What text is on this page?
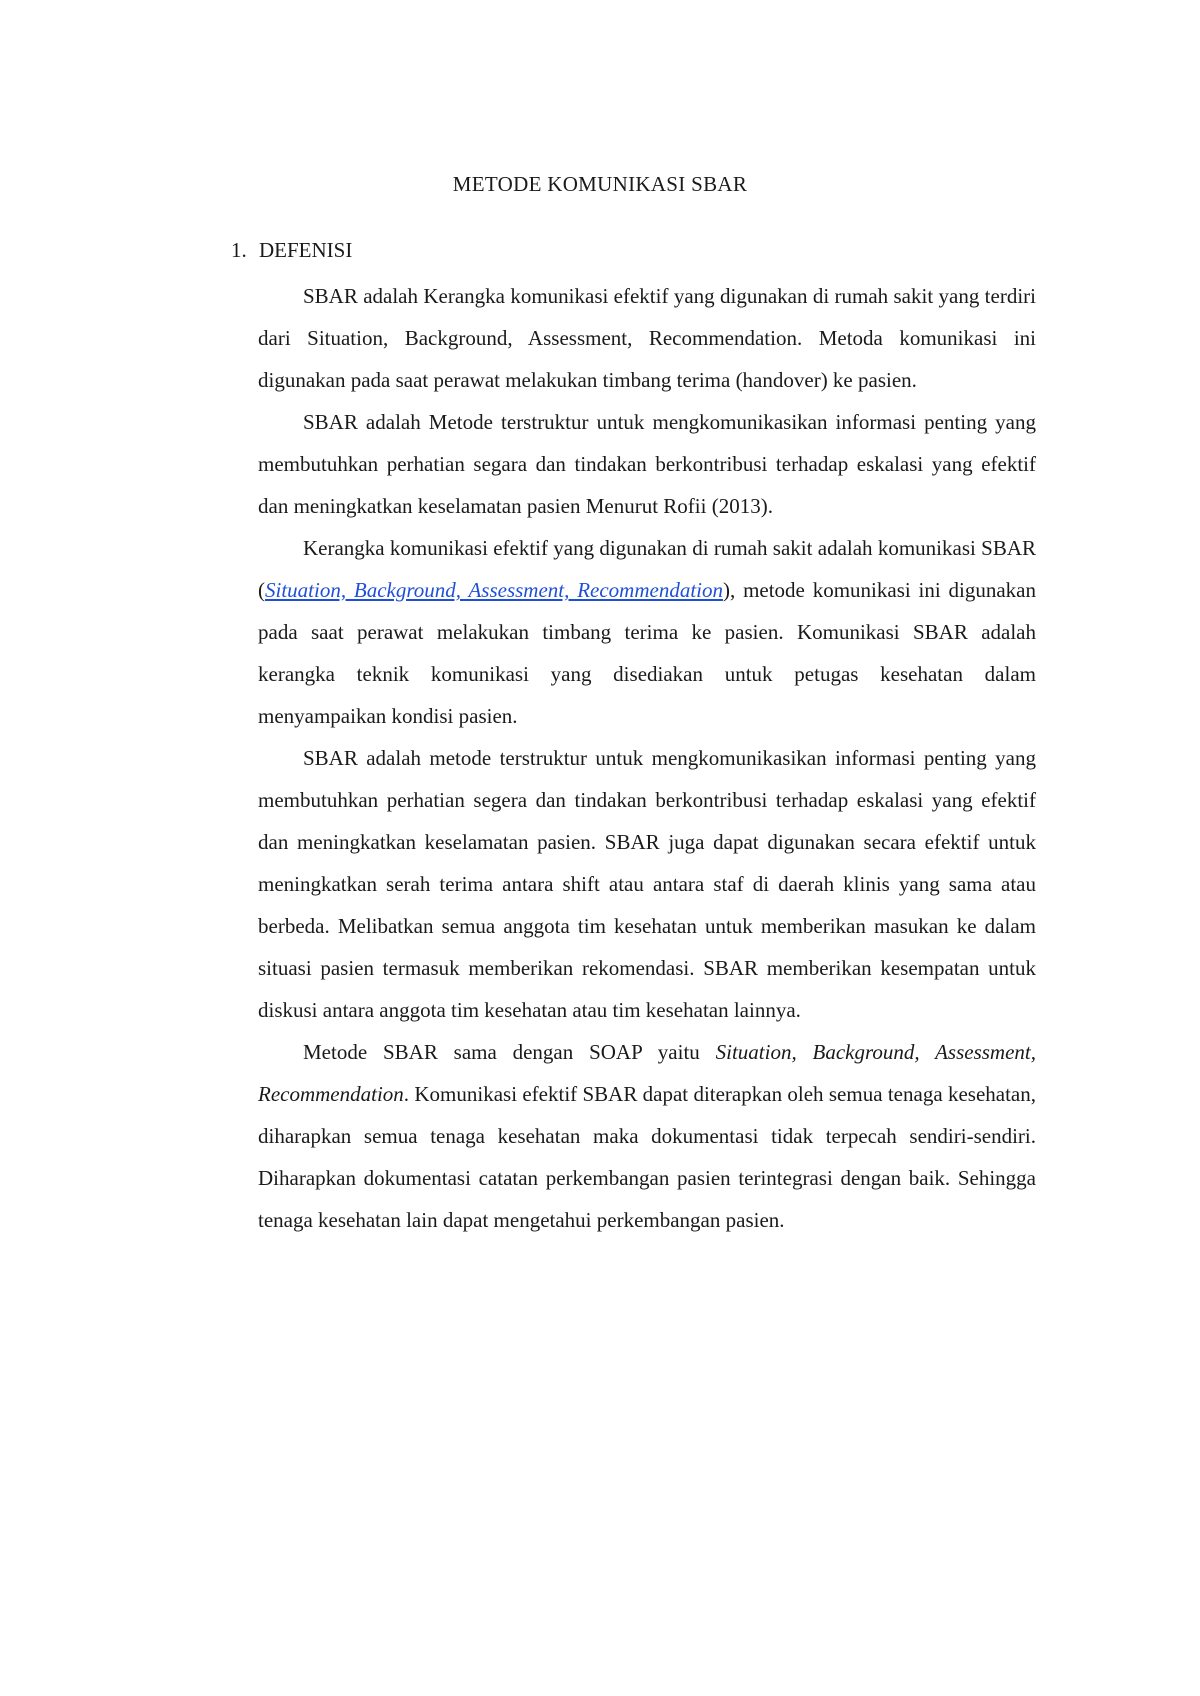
METODE KOMUNIKASI SBAR
1. DEFENISI

SBAR adalah Kerangka komunikasi efektif yang digunakan di rumah sakit yang terdiri dari Situation, Background, Assessment, Recommendation. Metoda komunikasi ini digunakan pada saat perawat melakukan timbang terima (handover) ke pasien.

SBAR adalah Metode terstruktur untuk mengkomunikasikan informasi penting yang membutuhkan perhatian segara dan tindakan berkontribusi terhadap eskalasi yang efektif dan meningkatkan keselamatan pasien Menurut Rofii (2013).

Kerangka komunikasi efektif yang digunakan di rumah sakit adalah komunikasi SBAR (Situation, Background, Assessment, Recommendation), metode komunikasi ini digunakan pada saat perawat melakukan timbang terima ke pasien. Komunikasi SBAR adalah kerangka teknik komunikasi yang disediakan untuk petugas kesehatan dalam menyampaikan kondisi pasien.

SBAR adalah metode terstruktur untuk mengkomunikasikan informasi penting yang membutuhkan perhatian segera dan tindakan berkontribusi terhadap eskalasi yang efektif dan meningkatkan keselamatan pasien. SBAR juga dapat digunakan secara efektif untuk meningkatkan serah terima antara shift atau antara staf di daerah klinis yang sama atau berbeda. Melibatkan semua anggota tim kesehatan untuk memberikan masukan ke dalam situasi pasien termasuk memberikan rekomendasi. SBAR memberikan kesempatan untuk diskusi antara anggota tim kesehatan atau tim kesehatan lainnya.

Metode SBAR sama dengan SOAP yaitu Situation, Background, Assessment, Recommendation. Komunikasi efektif SBAR dapat diterapkan oleh semua tenaga kesehatan, diharapkan semua tenaga kesehatan maka dokumentasi tidak terpecah sendiri-sendiri. Diharapkan dokumentasi catatan perkembangan pasien terintegrasi dengan baik. Sehingga tenaga kesehatan lain dapat mengetahui perkembangan pasien.
